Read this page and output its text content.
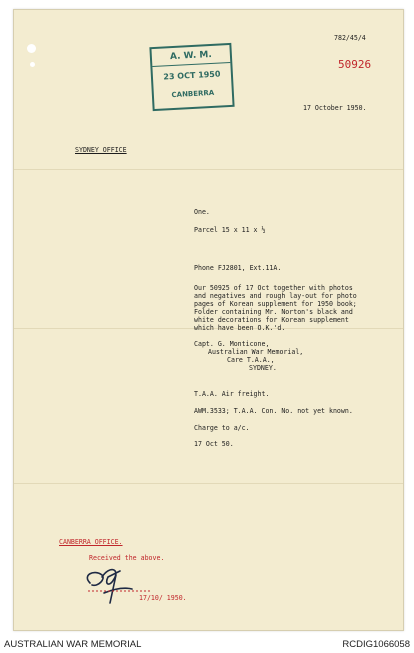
782/45/4
50926
A. W. M.
23 OCT 1950
CANBERRA
17 October 1950.
SYDNEY OFFICE
One.
Parcel 15 x 11 x ½
Phone FJ2801, Ext.11A.
Our 50925 of 17 Oct together with photos
and negatives and rough lay-out for photo
pages of Korean supplement for 1950 book;
Folder containing Mr. Norton's black and
white decorations for Korean supplement
which have been O.K.'d.
Capt. G. Monticone,
Australian War Memorial,
Care T.A.A.,
SYDNEY.
T.A.A. Air freight.
AWM.3533; T.A.A. Con. No. not yet known.
Charge to a/c.
17 Oct 50.
CANBERRA OFFICE.
Received the above.
17/10/ 1950.
AUSTRALIAN WAR MEMORIAL	RCDIG1066058
